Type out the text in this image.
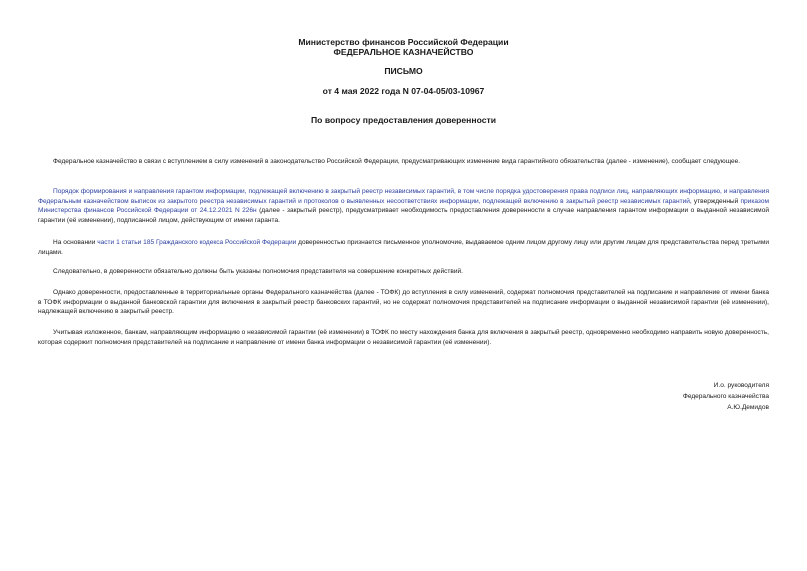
Министерство финансов Российской Федерации
ФЕДЕРАЛЬНОЕ КАЗНАЧЕЙСТВО
ПИСЬМО
от 4 мая 2022 года N 07-04-05/03-10967
По вопросу предоставления доверенности

Федеральное казначейство в связи с вступлением в силу изменений в законодательство Российской Федерации, предусматривающих изменение вида гарантийного обязательства (далее - изменение), сообщает следующее.

Порядок формирования и направления гарантом информации, подлежащей включению в закрытый реестр независимых гарантий, в том числе порядка удостоверения права подписи лиц, направляющих информацию, и направления Федеральным казначейством выписок из закрытого реестра независимых гарантий и протоколов о выявленных несоответствиях информации, подлежащей включению в закрытый реестр независимых гарантий, утвержденный приказом Министерства финансов Российской Федерации от 24.12.2021 N 226н (далее - закрытый реестр), предусматривает необходимость предоставления доверенности в случае направления гарантом информации о выданной независимой гарантии (её изменении), подписанной лицом, действующим от имени гаранта.

На основании части 1 статьи 185 Гражданского кодекса Российской Федерации доверенностью признается письменное уполномочие, выдаваемое одним лицом другому лицу или другим лицам для представительства перед третьими лицами.

Следовательно, в доверенности обязательно должны быть указаны полномочия представителя на совершение конкретных действий.

Однако доверенности, предоставленные в территориальные органы Федерального казначейства (далее - ТОФК) до вступления в силу изменений, содержат полномочия представителей на подписание и направление от имени банка в ТОФК информации о выданной банковской гарантии для включения в закрытый реестр банковских гарантий, но не содержат полномочия представителей на подписание информации о выданной независимой гарантии (её изменении), надлежащей включению в закрытый реестр.

Учитывая изложенное, банкам, направляющим информацию о независимой гарантии (её изменении) в ТОФК по месту нахождения банка для включения в закрытый реестр, одновременно необходимо направить новую доверенность, которая содержит полномочия представителей на подписание и направление от имени банка информации о независимой гарантии (её изменении).

И.о. руководителя
Федерального казначейства
А.Ю.Демидов
